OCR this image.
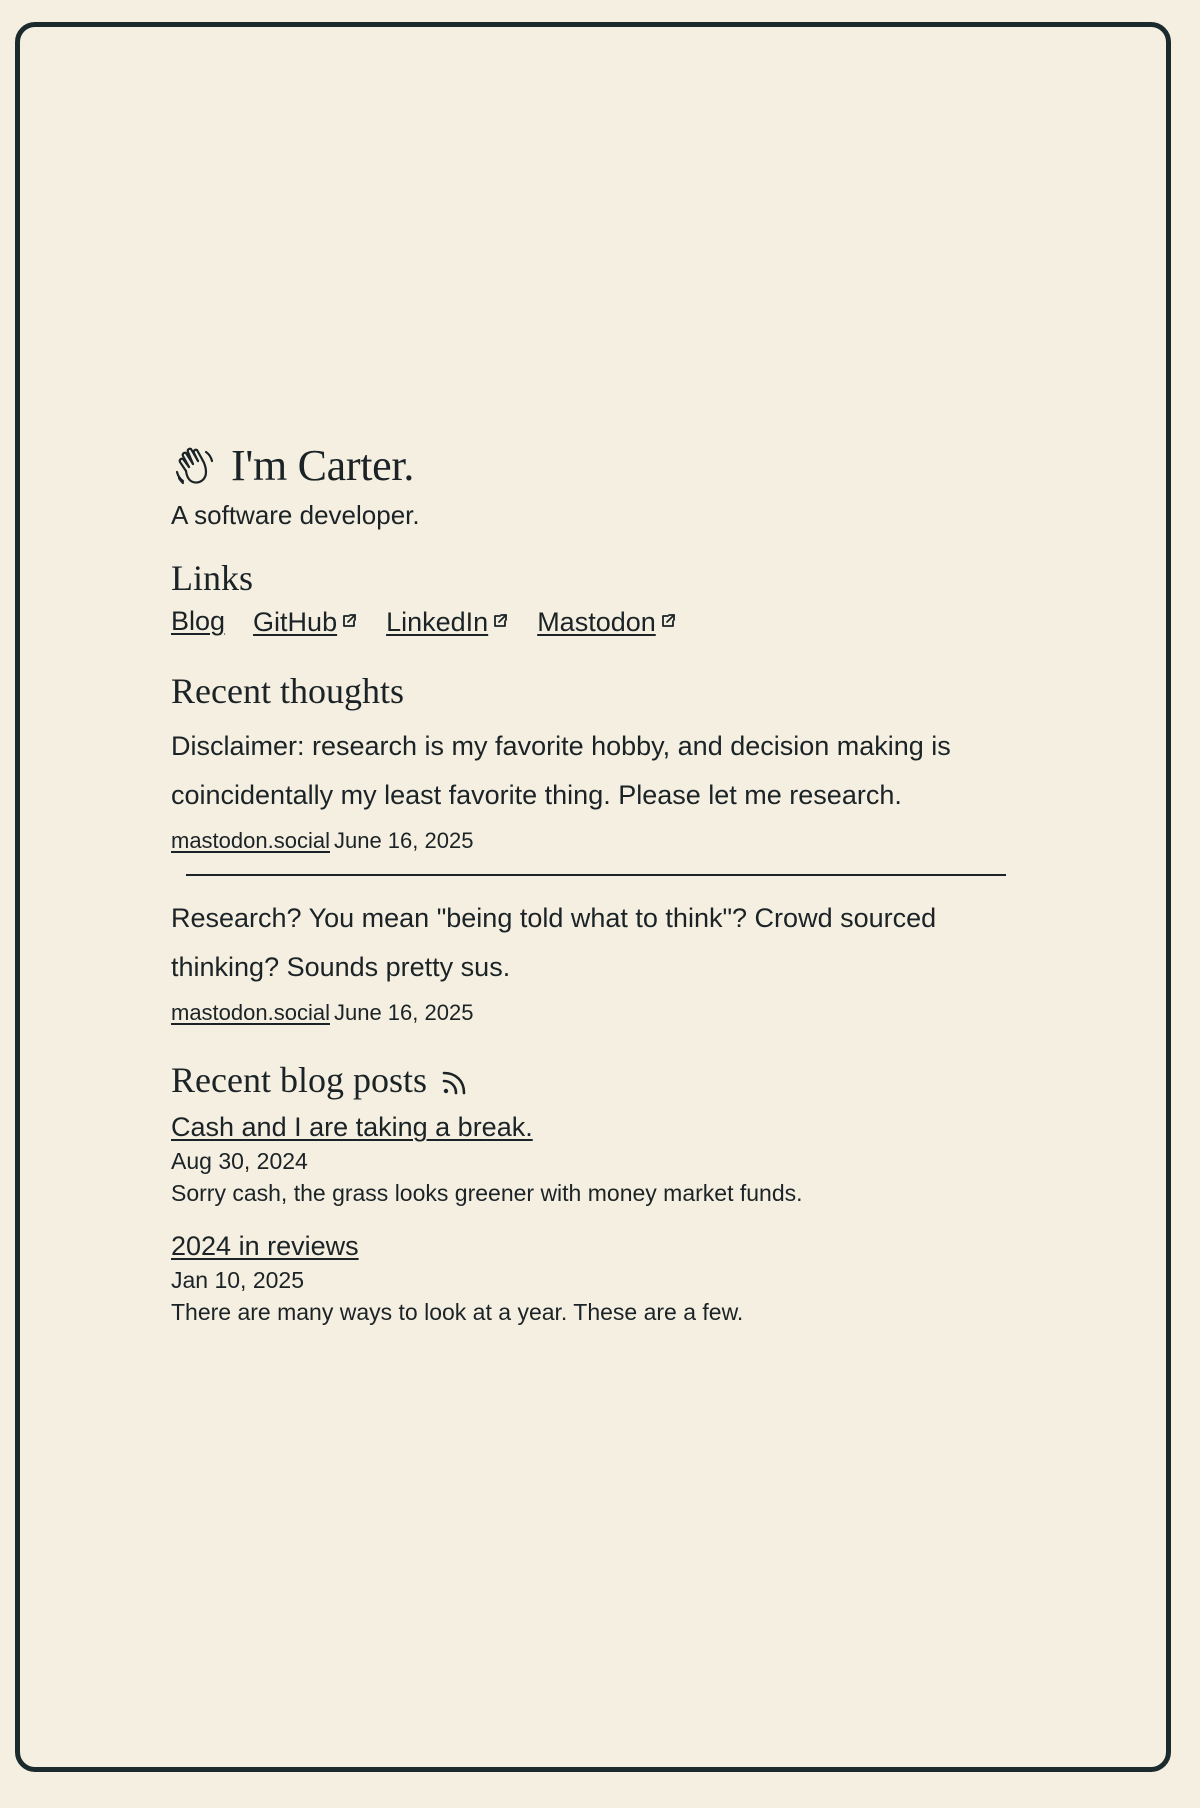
I'm Carter.
A software developer.
Links
Blog GitHub	LinkedIn	Mastodon
Recent thoughts
Disclaimer: research is my favorite hobby, and decision making is coincidentally my least favorite thing. Please let me research.
mastodon.social June 16, 2025
Research? You mean "being told what to think"? Crowd sourced thinking? Sounds pretty sus.
mastodon.social June 16, 2025
Recent blog posts
Cash and I are taking a break.
Aug 30, 2024
Sorry cash, the grass looks greener with money market funds.
2024 in reviews
Jan 10, 2025
There are many ways to look at a year. These are a few.
